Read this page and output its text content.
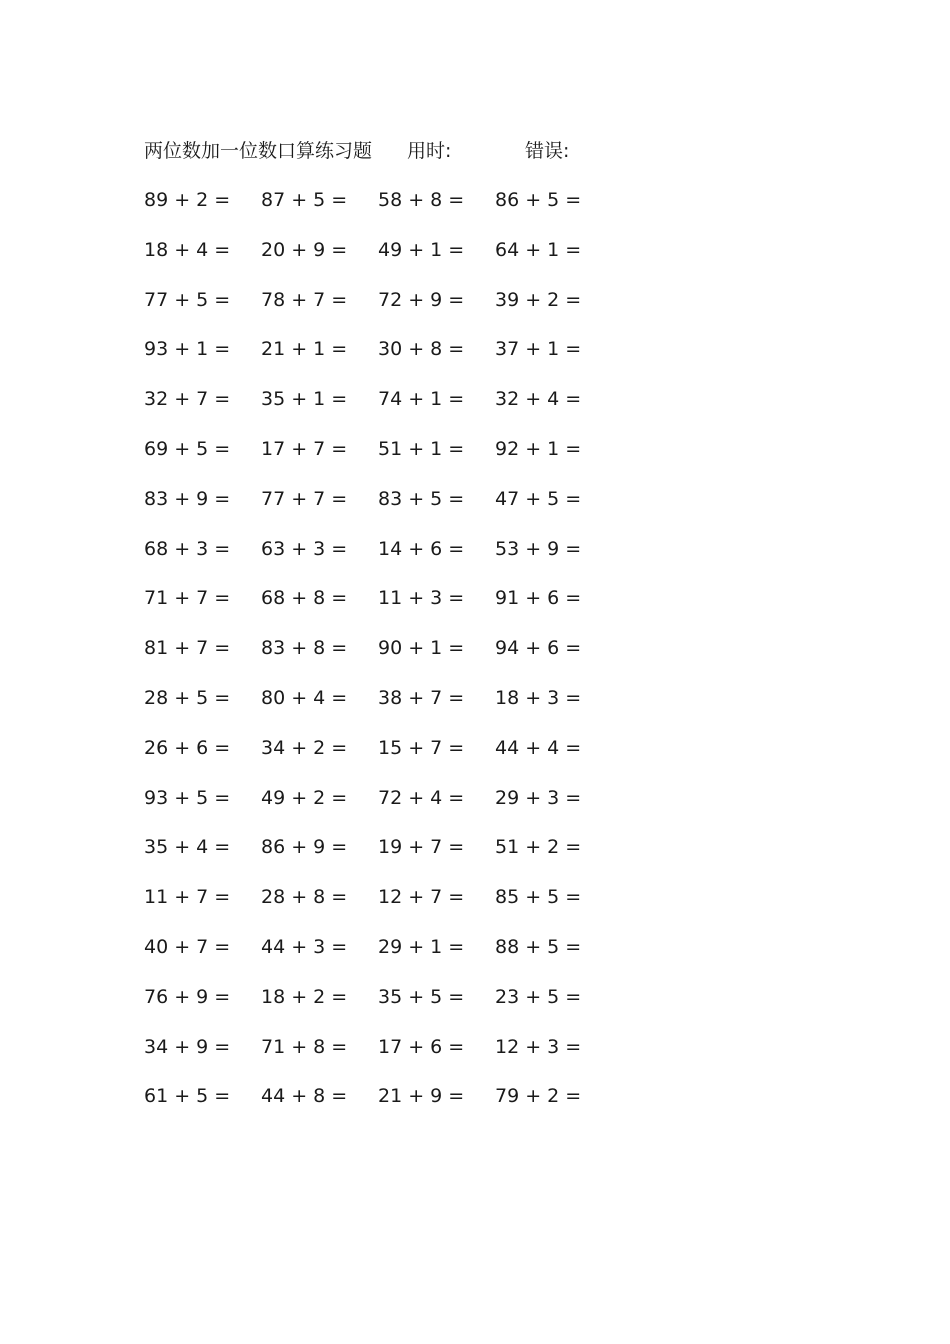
两位数加一位数口算练习题 用时:	错误:
89 + 2 = 87 + 5 = 58 + 8 = 86 + 5 =
18 + 4 = 20 + 9 = 49 + 1 = 64 + 1 =
77 + 5 = 78 + 7 = 72 + 9 = 39 + 2 =
93 + 1 = 21 + 1 = 30 + 8 = 37 + 1 =
32 + 7 = 35 + 1 = 74 + 1 = 32 + 4 =
69 + 5 = 17 + 7 = 51 + 1 = 92 + 1 =
83 + 9 = 77 + 7 = 83 + 5 = 47 + 5 =
68 + 3 = 63 + 3 = 14 + 6 = 53 + 9 =
71 + 7 = 68 + 8 = 11 + 3 = 91 + 6 =
81 + 7 = 83 + 8 = 90 + 1 = 94 + 6 =
28 + 5 = 80 + 4 = 38 + 7 = 18 + 3 =
26 + 6 = 34 + 2 = 15 + 7 = 44 + 4 =
93 + 5 = 49 + 2 = 72 + 4 = 29 + 3 =
35 + 4 = 86 + 9 = 19 + 7 = 51 + 2 =
11 + 7 = 28 + 8 = 12 + 7 = 85 + 5 =
40 + 7 = 44 + 3 = 29 + 1 = 88 + 5 =
76 + 9 = 18 + 2 = 35 + 5 = 23 + 5 =
34 + 9 = 71 + 8 = 17 + 6 = 12 + 3 =
61 + 5 = 44 + 8 = 21 + 9 = 79 + 2 =
